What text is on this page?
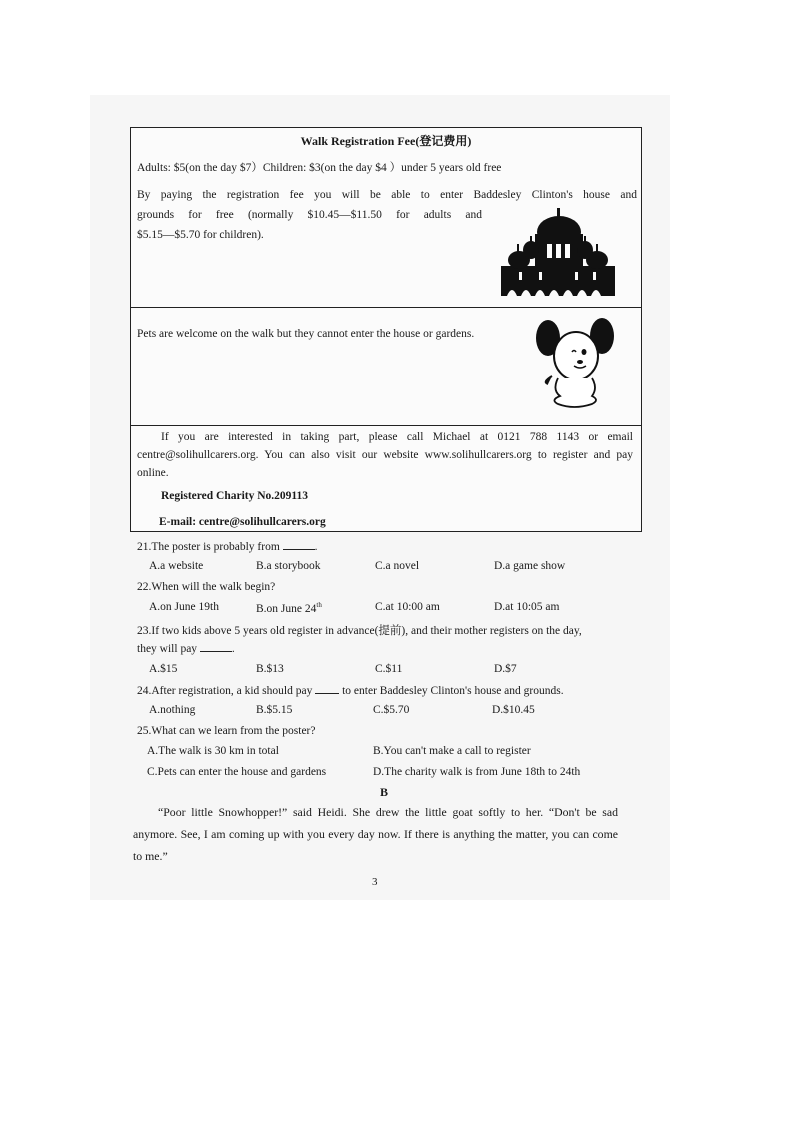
Walk Registration Fee(登记费用)
Adults: $5(on the day $7）Children: $3(on the day $4 ）under 5 years old free
By paying the registration fee you will be able to enter Baddesley Clinton's house and
grounds for free (normally $10.45—$11.50 for adults and
$5.15—$5.70 for children).
Pets are welcome on the walk but they cannot enter the house or gardens.
If you are interested in taking part, please call Michael at 0121 788 1143 or email
centre@solihullcarers.org. You can also visit our website www.solihullcarers.org to register and pay
online.
Registered Charity No.209113
E-mail: centre@solihullcarers.org
21.The poster is probably from	.
A.a website	B.a storybook	C.a novel	D.a game show
22.When will the walk begin?
A.on June 19th	B.on June 24th	C.at 10:00 am	D.at 10:05 am
23.If two kids above 5 years old register in advance(提前), and their mother registers on the day,
they will pay	.
A.$15	B.$13	C.$11	D.$7
24.After registration, a kid should pay	to enter Baddesley Clinton's house and grounds.
A.nothing	B.$5.15	C.$5.70	D.$10.45
25.What can we learn from the poster?
A.The walk is 30 km in total	B.You can't make a call to register
C.Pets can enter the house and gardens	D.The charity walk is from June 18th to 24th
B
“Poor little Snowhopper!” said Heidi. She drew the little goat softly to her. “Don't be sad
anymore. See, I am coming up with you every day now. If there is anything the matter, you can come
to me.”
3
